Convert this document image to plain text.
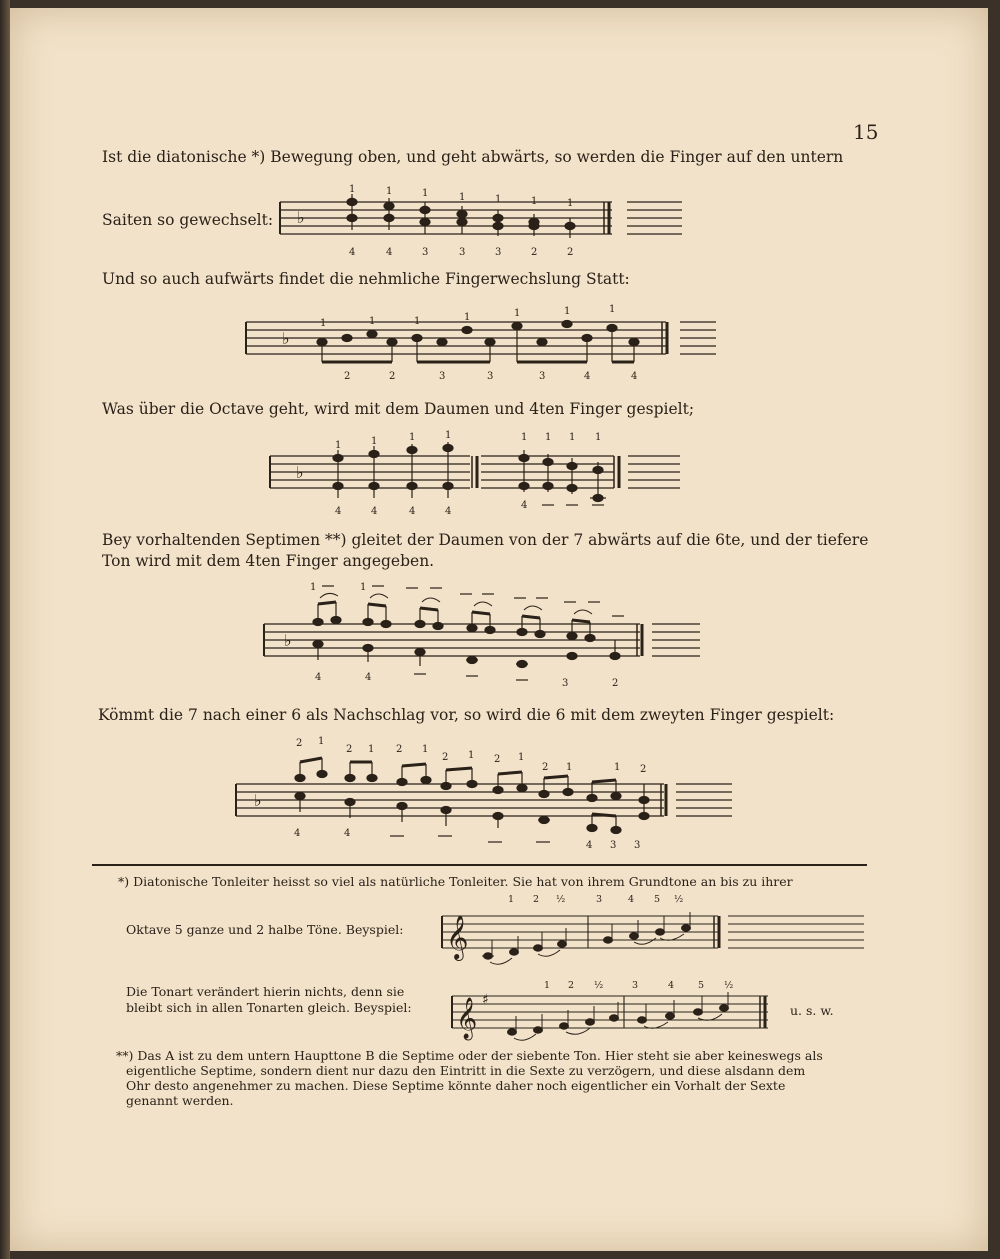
15
Ist die diatonische *) Bewegung oben, und geht abwärts, so werden die Finger auf den untern
Saiten so gewechselt: ♭
1	1	1	1	1	1	1
4	4	3	3	3	2	2
Und so auch aufwärts findet die nehmliche Fingerwechslung Statt:
♭
1	1	1	1	1	1	1
2	2	3	3	3	4	4
Was über die Octave geht, wird mit dem Daumen und 4ten Finger gespielt;
♭
1	1	1	1	1 1 1 1
4	4	4	4
4
Bey vorhaltenden Septimen **) gleitet der Daumen von der 7 abwärts auf die 6te, und der tiefere
Ton wird mit dem 4ten Finger angegeben.
♭
1	1
4	4
3	2
Kömmt die 7 nach einer 6 als Nachschlag vor, so wird die 6 mit dem zweyten Finger gespielt:
♭
2 1
2 1 2 1
2 1 2 1
2 1	1 2
4	4
4 3 3
*) Diatonische Tonleiter heisst so viel als natürliche Tonleiter. Sie hat von ihrem Grundtone an bis zu ihrer
Oktave 5 ganze und 2 halbe Töne. Beyspiel: 𝄞
1 2 ½	3	4 5 ½
Die Tonart verändert hierin nichts, denn sie
bleibt sich in allen Tonarten gleich. Beyspiel: 𝄞 ♯
1 2 ½	3	4	5 ½
u. s. w.
**) Das A ist zu dem untern Haupttone B die Septime oder der siebente Ton. Hier steht sie aber keineswegs als
eigentliche Septime, sondern dient nur dazu den Eintritt in die Sexte zu verzögern, und diese alsdann dem
Ohr desto angenehmer zu machen. Diese Septime könnte daher noch eigentlicher ein Vorhalt der Sexte
genannt werden.
